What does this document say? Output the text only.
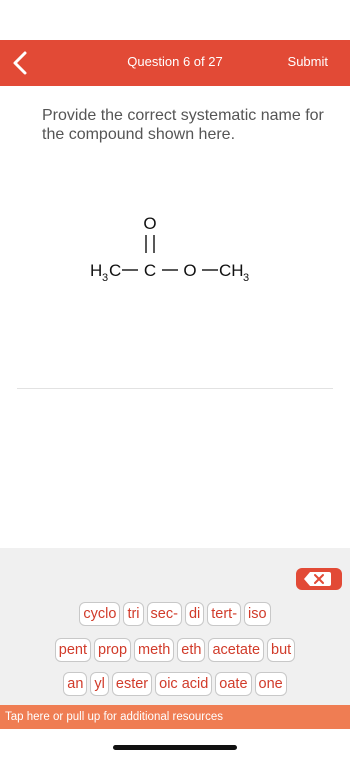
Question 6 of 27	Submit
Provide the correct systematic name for the compound shown here.
O
H 3 C C O CH 3
cyclo tri sec- di tert- iso
pent prop meth eth acetate but
an yl ester oic acid oate one
Tap here or pull up for additional resources
